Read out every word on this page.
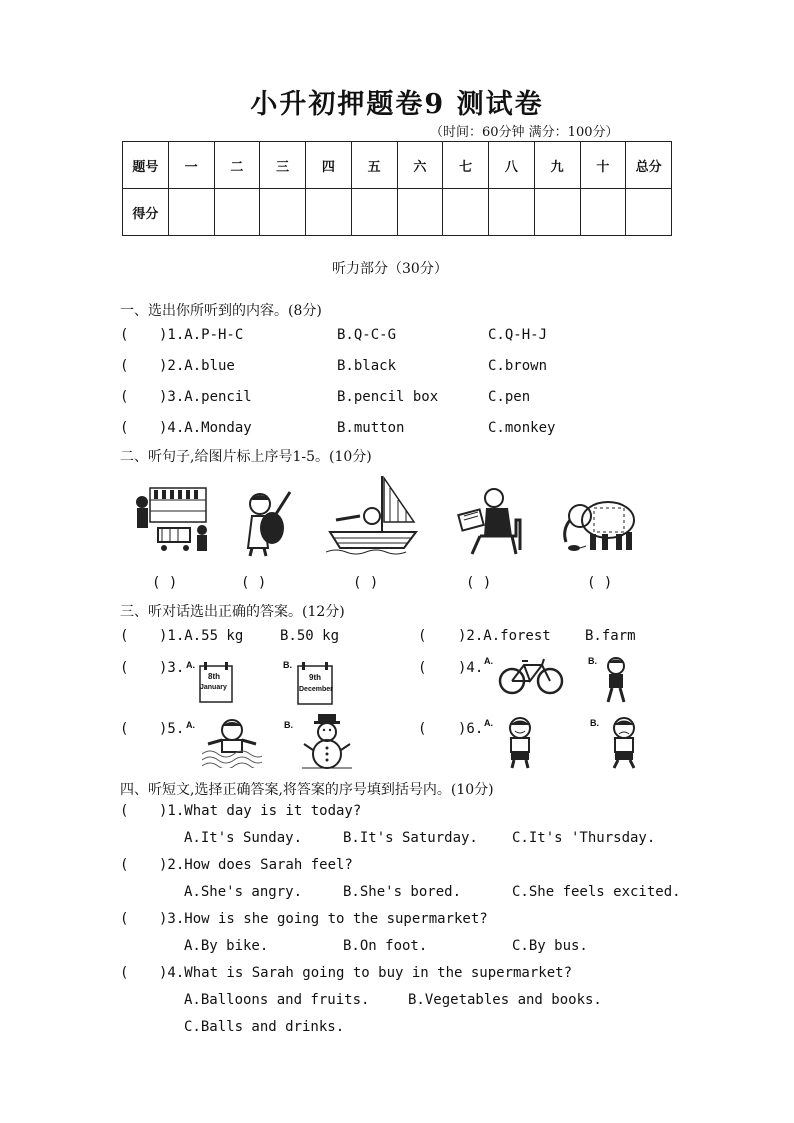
小升初押题卷9 测试卷
（时间：60分钟 满分：100分）
题号	一	二	三	四	五	六	七	八	九	十	总分
得分											
听力部分（30分）
一、选出你所听到的内容。(8分)
( )1.A.P-H-C	B.Q-C-G	C.Q-H-J
( )2.A.blue	B.black	C.brown
( )3.A.pencil	B.pencil box	C.pen
( )4.A.Monday	B.mutton	C.monkey
二、听句子,给图片标上序号1-5。(10分)
( )	( )	( )	( )	( )
三、听对话选出正确的答案。(12分)
( )1.A.55 kg	B.50 kg	( )2.A.forest B.farm
( )3. A.
8th
January
B.
9th
December
( )4. A.	B.
( )5. A.	B.	( )6. A.	B.
四、听短文,选择正确答案,将答案的序号填到括号内。(10分)
( )1.What day is it today?
A.It's Sunday.	B.It's Saturday. C.It's 'Thursday.
( )2.How does Sarah feel?
A.She's angry.	B.She's bored.	C.She feels excited.
( )3.How is she going to the supermarket?
A.By bike.	B.On foot.	C.By bus.
( )4.What is Sarah going to buy in the supermarket?
A.Balloons and fruits.	B.Vegetables and books.
C.Balls and drinks.
